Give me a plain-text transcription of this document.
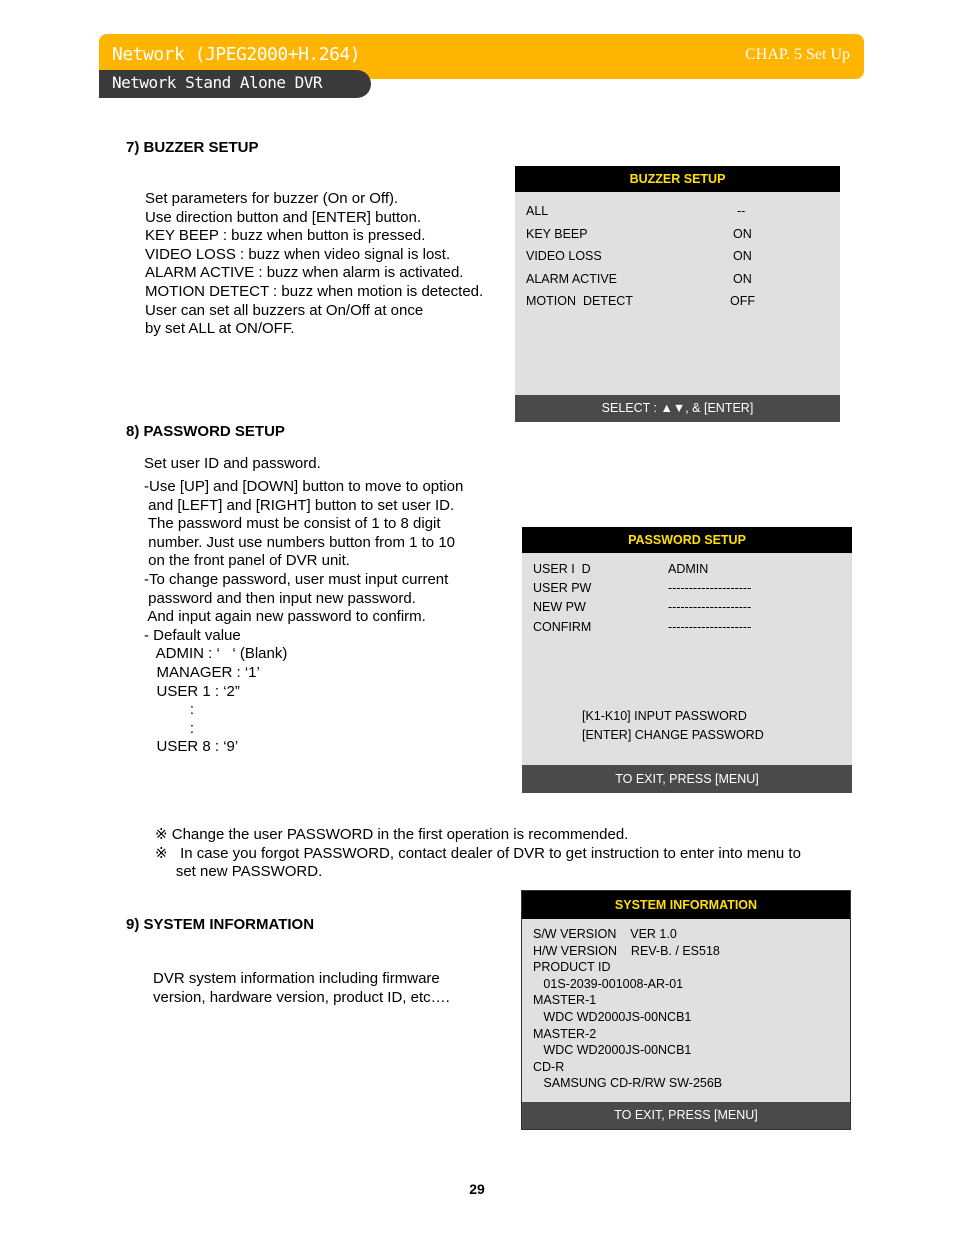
Network (JPEG2000+H.264)	CHAP. 5 Set Up
Network Stand Alone DVR
7) BUZZER SETUP
Set parameters for buzzer (On or Off).
Use direction button and [ENTER] button.
KEY BEEP : buzz when button is pressed.
VIDEO LOSS : buzz when video signal is lost.
ALARM ACTIVE : buzz when alarm is activated.
MOTION DETECT : buzz when motion is detected.
User can set all buzzers at On/Off at once
by set ALL at ON/OFF.
BUZZER SETUP
ALL	--
KEY BEEP	ON
VIDEO LOSS	ON
ALARM ACTIVE	ON
MOTION  DETECT	OFF
SELECT : ▲▼, & [ENTER]
8) PASSWORD SETUP
Set user ID and password.
-Use [UP] and [DOWN] button to move to option
and [LEFT] and [RIGHT] button to set user ID.
The password must be consist of 1 to 8 digit
number. Just use numbers button from 1 to 10
on the front panel of DVR unit.
-To change password, user must input current
password and then input new password.
And input again new password to confirm.
- Default value
ADMIN : ‘   ‘ (Blank)
MANAGER : ‘1’
USER 1 : ‘2”
:
:
USER 8 : ‘9’
PASSWORD SETUP
USER I  D	ADMIN
USER PW	--------------------
NEW PW	--------------------
CONFIRM	--------------------
[K1-K10] INPUT PASSWORD
[ENTER] CHANGE PASSWORD
TO EXIT, PRESS [MENU]
※ Change the user PASSWORD in the first operation is recommended.
※   In case you forgot PASSWORD, contact dealer of DVR to get instruction to enter into menu to
set new PASSWORD.
9) SYSTEM INFORMATION
DVR system information including firmware
version, hardware version, product ID, etc….
SYSTEM INFORMATION
S/W VERSION    VER 1.0
H/W VERSION    REV-B. / ES518
PRODUCT ID
01S-2039-001008-AR-01
MASTER-1
WDC WD2000JS-00NCB1
MASTER-2
WDC WD2000JS-00NCB1
CD-R
SAMSUNG CD-R/RW SW-256B
TO EXIT, PRESS [MENU]
29
